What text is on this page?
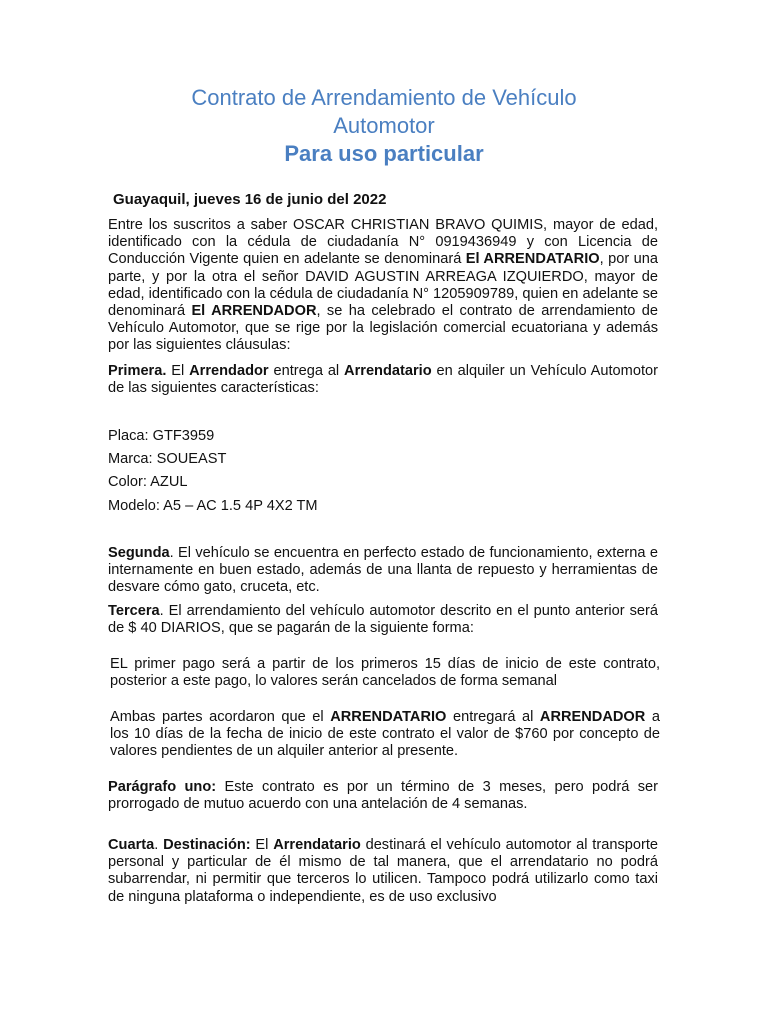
Contrato de Arrendamiento de Vehículo
Automotor
Para uso particular
Guayaquil, jueves 16 de junio del 2022
Entre los suscritos a saber OSCAR CHRISTIAN BRAVO QUIMIS, mayor de edad, identificado con la cédula de ciudadanía N° 0919436949 y con Licencia de Conducción Vigente quien en adelante se denominará El ARRENDATARIO, por una parte, y por la otra el señor DAVID AGUSTIN ARREAGA IZQUIERDO, mayor de edad, identificado con la cédula de ciudadanía N° 1205909789, quien en adelante se denominará El ARRENDADOR, se ha celebrado el contrato de arrendamiento de Vehículo Automotor, que se rige por la legislación comercial ecuatoriana y además por las siguientes cláusulas:
Primera. El Arrendador entrega al Arrendatario en alquiler un Vehículo Automotor de las siguientes características:
Placa: GTF3959
Marca: SOUEAST
Color: AZUL
Modelo: A5 – AC 1.5 4P 4X2 TM
Segunda. El vehículo se encuentra en perfecto estado de funcionamiento, externa e internamente en buen estado, además de una llanta de repuesto y herramientas de desvare cómo gato, cruceta, etc.
Tercera. El arrendamiento del vehículo automotor descrito en el punto anterior será de $ 40 DIARIOS, que se pagarán de la siguiente forma:
EL primer pago será a partir de los primeros 15 días de inicio de este contrato, posterior a este pago, lo valores serán cancelados de forma semanal
Ambas partes acordaron que el ARRENDATARIO entregará al ARRENDADOR a los 10 días de la fecha de inicio de este contrato el valor de $760 por concepto de valores pendientes de un alquiler anterior al presente.
Parágrafo uno: Este contrato es por un término de 3 meses, pero podrá ser prorrogado de mutuo acuerdo con una antelación de 4 semanas.
Cuarta. Destinación: El Arrendatario destinará el vehículo automotor al transporte personal y particular de él mismo de tal manera, que el arrendatario no podrá subarrendar, ni permitir que terceros lo utilicen. Tampoco podrá utilizarlo como taxi de ninguna plataforma o independiente, es de uso exclusivo
